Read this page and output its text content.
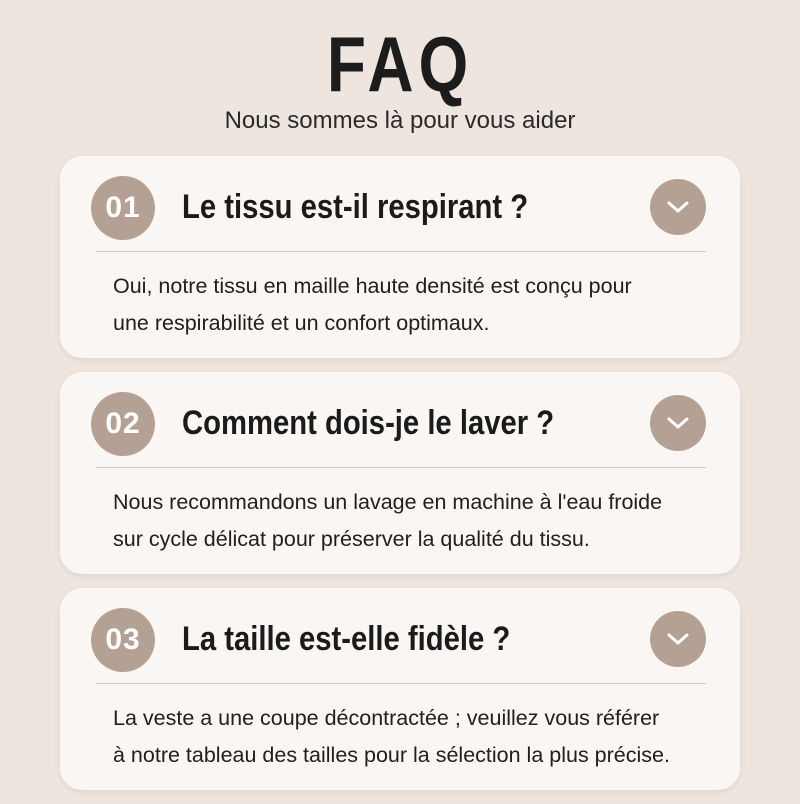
FAQ
Nous sommes là pour vous aider
01	Le tissu est-il respirant ?
Oui, notre tissu en maille haute densité est conçu pour
une respirabilité et un confort optimaux.
02	Comment dois-je le laver ?
Nous recommandons un lavage en machine à l'eau froide
sur cycle délicat pour préserver la qualité du tissu.
03	La taille est-elle fidèle ?
La veste a une coupe décontractée ; veuillez vous référer
à notre tableau des tailles pour la sélection la plus précise.
